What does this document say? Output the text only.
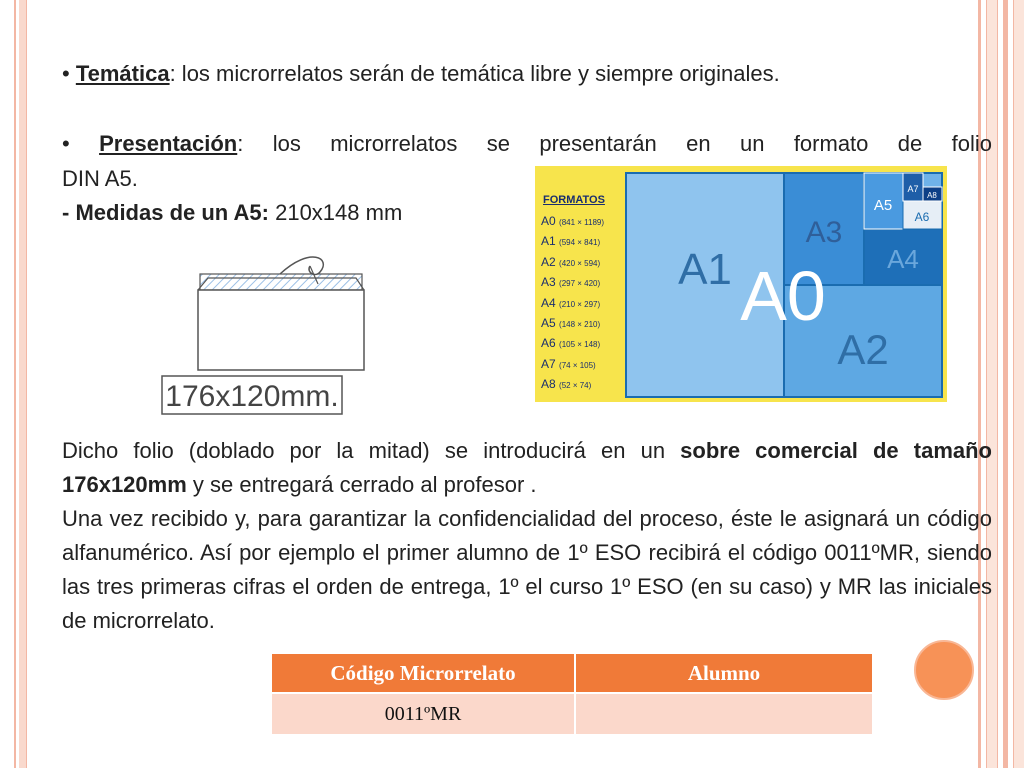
• Temática: los microrrelatos serán de temática libre y siempre originales.
• Presentación: los microrrelatos se presentarán en un formato de folio
DIN A5.
- Medidas de un A5: 210x148 mm
176x120mm.
FORMATOS
A0 (841 × 1189)
A1 (594 × 841)
A2 (420 × 594)
A3 (297 × 420)
A4 (210 × 297)
A5 (148 × 210)
A6 (105 × 148)
A7 (74 × 105)
A8 (52 × 74)
A1 A0
A2
A3
A4
A5
A6
A7
A8
Dicho folio (doblado por la mitad) se introducirá en un sobre comercial de tamaño 176x120mm y se entregará cerrado al profesor .
Una vez recibido y, para garantizar la confidencialidad del proceso, éste le asignará un código alfanumérico. Así por ejemplo el primer alumno de 1º ESO recibirá el código 0011ºMR, siendo las tres primeras cifras el orden de entrega, 1º el curso 1º ESO (en su caso) y MR las iniciales de microrrelato.
Código Microrrelato	Alumno
0011ºMR	
